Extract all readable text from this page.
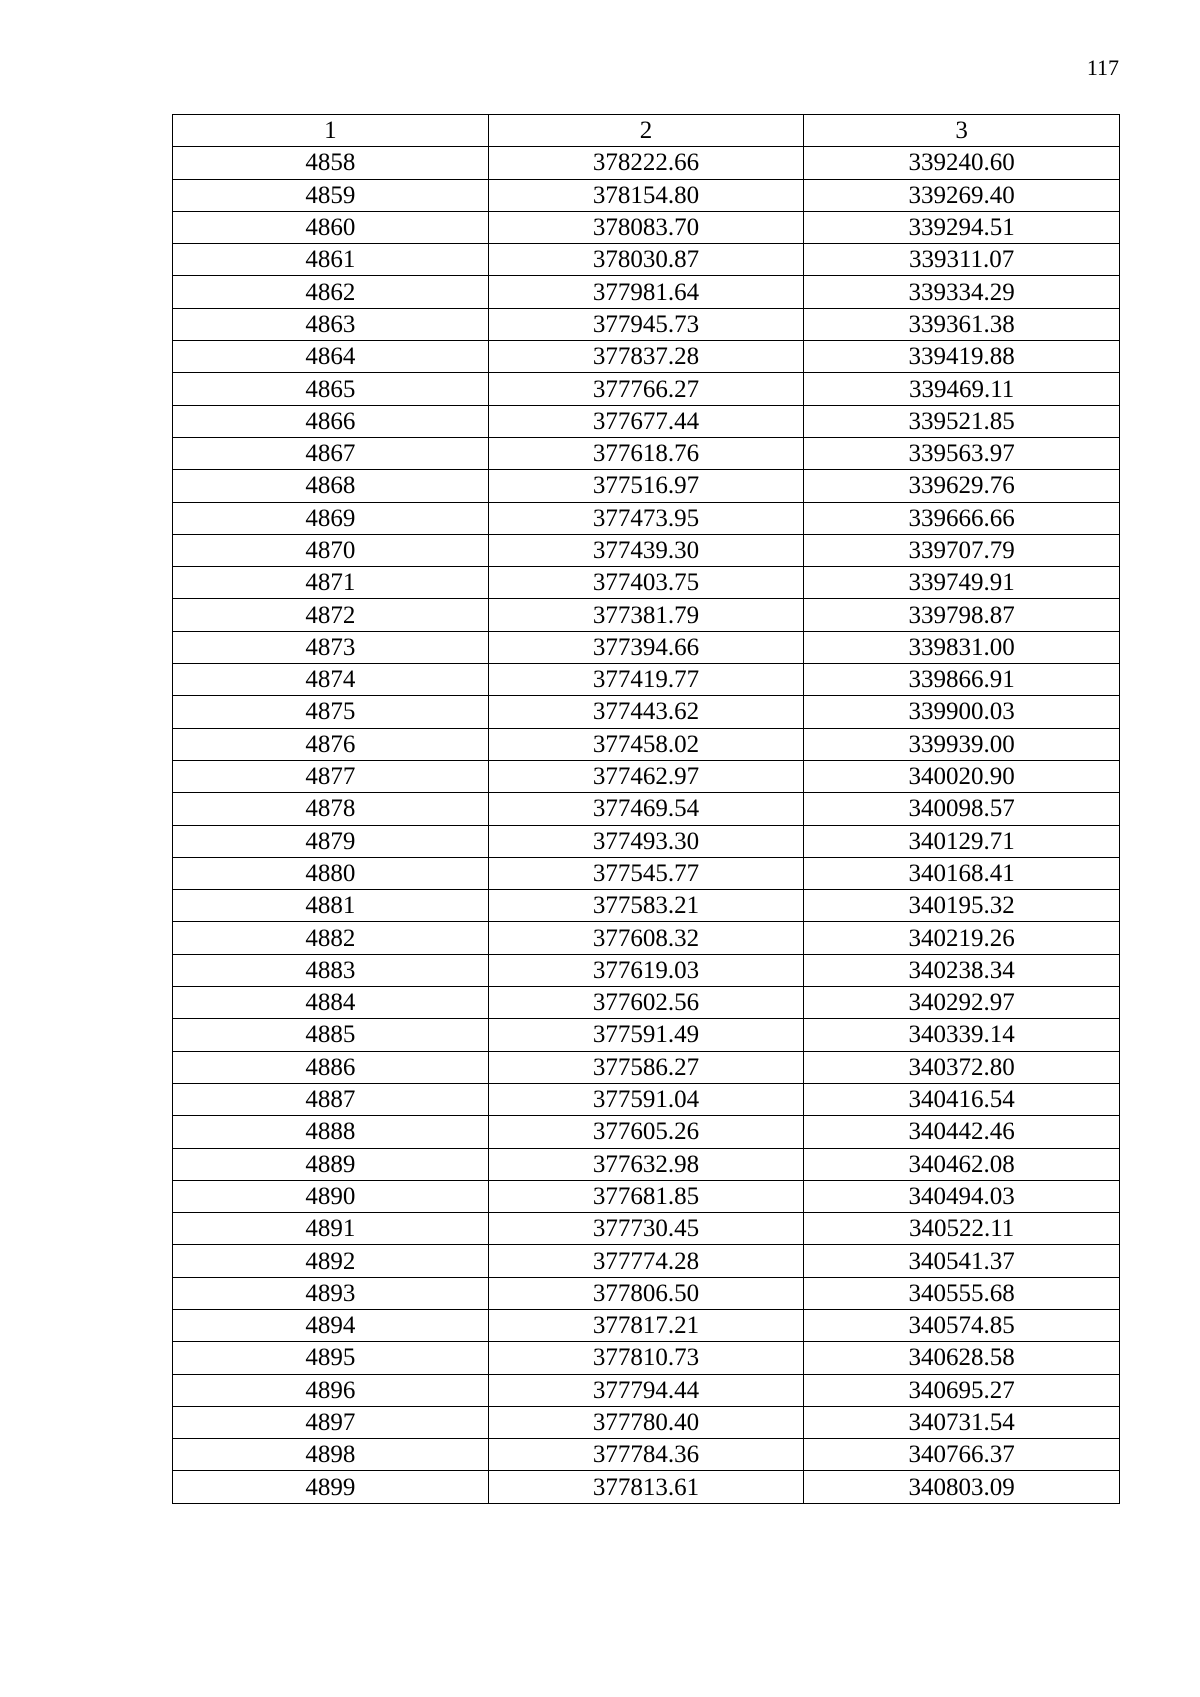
117
1	2	3
4858	378222.66	339240.60
4859	378154.80	339269.40
4860	378083.70	339294.51
4861	378030.87	339311.07
4862	377981.64	339334.29
4863	377945.73	339361.38
4864	377837.28	339419.88
4865	377766.27	339469.11
4866	377677.44	339521.85
4867	377618.76	339563.97
4868	377516.97	339629.76
4869	377473.95	339666.66
4870	377439.30	339707.79
4871	377403.75	339749.91
4872	377381.79	339798.87
4873	377394.66	339831.00
4874	377419.77	339866.91
4875	377443.62	339900.03
4876	377458.02	339939.00
4877	377462.97	340020.90
4878	377469.54	340098.57
4879	377493.30	340129.71
4880	377545.77	340168.41
4881	377583.21	340195.32
4882	377608.32	340219.26
4883	377619.03	340238.34
4884	377602.56	340292.97
4885	377591.49	340339.14
4886	377586.27	340372.80
4887	377591.04	340416.54
4888	377605.26	340442.46
4889	377632.98	340462.08
4890	377681.85	340494.03
4891	377730.45	340522.11
4892	377774.28	340541.37
4893	377806.50	340555.68
4894	377817.21	340574.85
4895	377810.73	340628.58
4896	377794.44	340695.27
4897	377780.40	340731.54
4898	377784.36	340766.37
4899	377813.61	340803.09
